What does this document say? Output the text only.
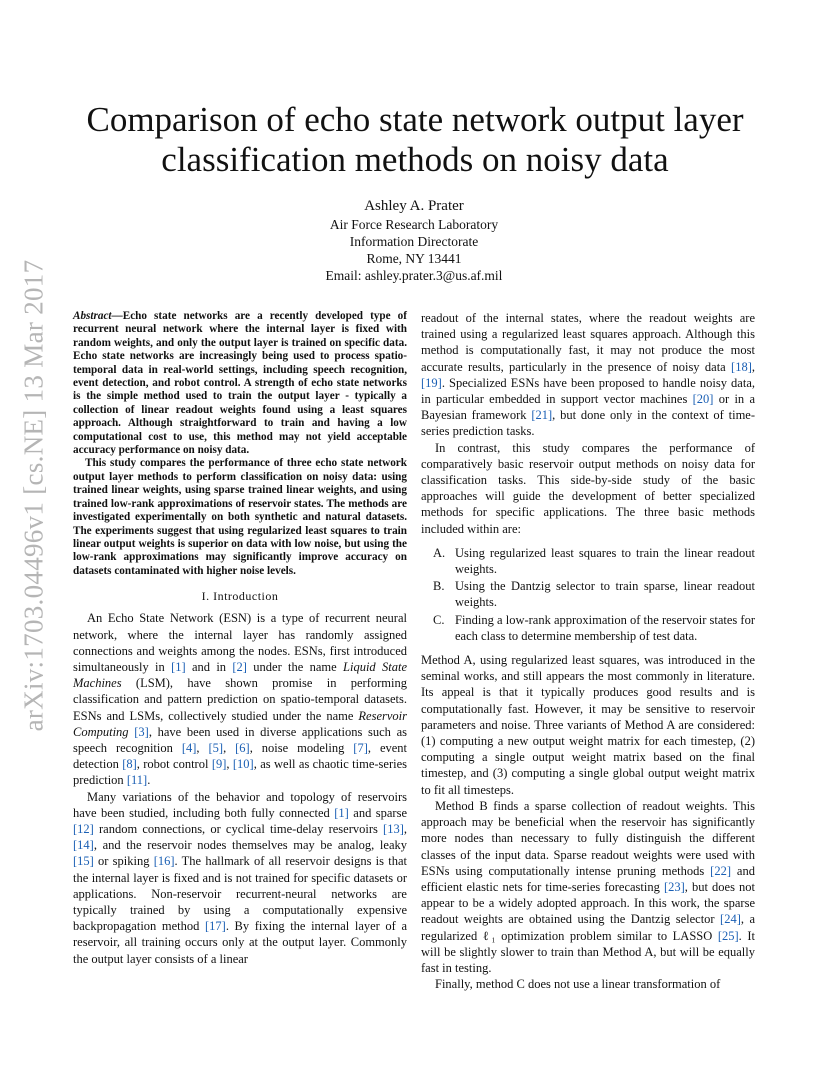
arXiv:1703.04496v1 [cs.NE] 13 Mar 2017
Comparison of echo state network output layer classification methods on noisy data
Ashley A. Prater
Air Force Research Laboratory
Information Directorate
Rome, NY 13441
Email: ashley.prater.3@us.af.mil

Abstract—Echo state networks are a recently developed type of recurrent neural network where the internal layer is fixed with random weights, and only the output layer is trained on specific data. Echo state networks are increasingly being used to process spatio-temporal data in real-world settings, including speech recognition, event detection, and robot control. A strength of echo state networks is the simple method used to train the output layer - typically a collection of linear readout weights found using a least squares approach. Although straightforward to train and having a low computational cost to use, this method may not yield acceptable accuracy performance on noisy data.

This study compares the performance of three echo state network output layer methods to perform classification on noisy data: using trained linear weights, using sparse trained linear weights, and using trained low-rank approximations of reservoir states. The methods are investigated experimentally on both synthetic and natural datasets. The experiments suggest that using regularized least squares to train linear output weights is superior on data with low noise, but using the low-rank approximations may significantly improve accuracy on datasets contaminated with higher noise levels.

I. Introduction

An Echo State Network (ESN) is a type of recurrent neural network, where the internal layer has randomly assigned connections and weights among the nodes. ESNs, first introduced simultaneously in [1] and in [2] under the name Liquid State Machines (LSM), have shown promise in performing classification and pattern prediction on spatio-temporal datasets. ESNs and LSMs, collectively studied under the name Reservoir Computing [3], have been used in diverse applications such as speech recognition [4], [5], [6], noise modeling [7], event detection [8], robot control [9], [10], as well as chaotic time-series prediction [11].

Many variations of the behavior and topology of reservoirs have been studied, including both fully connected [1] and sparse [12] random connections, or cyclical time-delay reservoirs [13], [14], and the reservoir nodes themselves may be analog, leaky [15] or spiking [16]. The hallmark of all reservoir designs is that the internal layer is fixed and is not trained for specific datasets or applications. Non-reservoir recurrent-neural networks are typically trained by using a computationally expensive backpropagation method [17]. By fixing the internal layer of a reservoir, all training occurs only at the output layer. Commonly the output layer consists of a linear

readout of the internal states, where the readout weights are trained using a regularized least squares approach. Although this method is computationally fast, it may not produce the most accurate results, particularly in the presence of noisy data [18], [19]. Specialized ESNs have been proposed to handle noisy data, in particular embedded in support vector machines [20] or in a Bayesian framework [21], but done only in the context of time-series prediction tasks.

In contrast, this study compares the performance of comparatively basic reservoir output methods on noisy data for classification tasks. This side-by-side study of the basic approaches will guide the development of better specialized methods for specific applications. The three basic methods included within are:

A. Using regularized least squares to train the linear readout weights.
B. Using the Dantzig selector to train sparse, linear readout weights.
C. Finding a low-rank approximation of the reservoir states for each class to determine membership of test data.

Method A, using regularized least squares, was introduced in the seminal works, and still appears the most commonly in literature. Its appeal is that it typically produces good results and is computationally fast. However, it may be sensitive to reservoir parameters and noise. Three variants of Method A are considered: (1) computing a new output weight matrix for each timestep, (2) computing a single output weight matrix based on the final timestep, and (3) computing a single global output weight matrix to fit all timesteps.

Method B finds a sparse collection of readout weights. This approach may be beneficial when the reservoir has significantly more nodes than necessary to fully distinguish the different classes of the input data. Sparse readout weights were used with ESNs using computationally intense pruning methods [22] and efficient elastic nets for time-series forecasting [23], but does not appear to be a widely adopted approach. In this work, the sparse readout weights are obtained using the Dantzig selector [24], a regularized ℓ₁ optimization problem similar to LASSO [25]. It will be slightly slower to train than Method A, but will be equally fast in testing.

Finally, method C does not use a linear transformation of
